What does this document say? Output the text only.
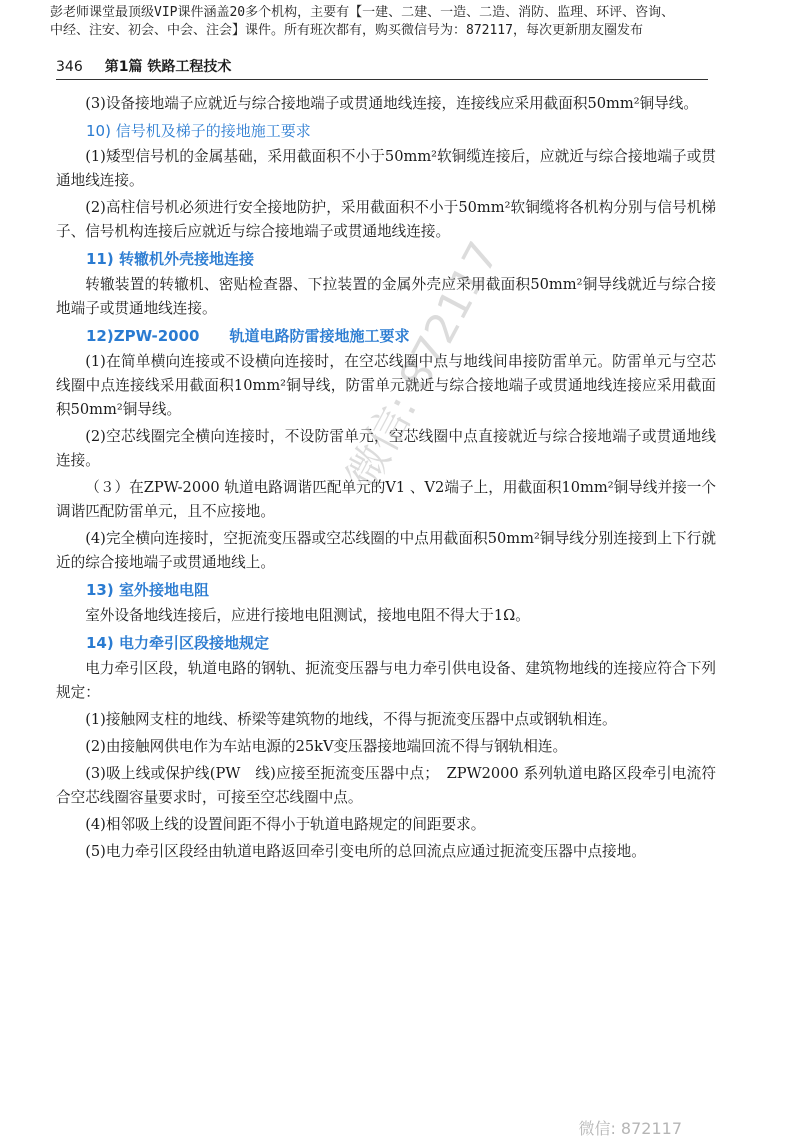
彭老师课堂最顶级VIP课件涵盖20多个机构，主要有【一建、二建、一造、二造、消防、监理、环评、咨询、
中经、注安、初会、中会、注会】课件。所有班次都有，购买微信号为：872117，每次更新朋友圈发布
346 第1篇 铁路工程技术

(3)设备接地端子应就近与综合接地端子或贯通地线连接，连接线应采用截面积50mm²铜导线。

10) 信号机及梯子的接地施工要求

(1)矮型信号机的金属基础，采用截面积不小于50mm²软铜缆连接后，应就近与综合接地端子或贯通地线连接。

(2)高柱信号机必须进行安全接地防护，采用截面积不小于50mm²软铜缆将各机构分别与信号机梯子、信号机构连接后应就近与综合接地端子或贯通地线连接。

11) 转辙机外壳接地连接

转辙装置的转辙机、密贴检查器、下拉装置的金属外壳应采用截面积50mm²铜导线就近与综合接地端子或贯通地线连接。

12)ZPW-2000　　轨道电路防雷接地施工要求

(1)在简单横向连接或不设横向连接时，在空芯线圈中点与地线间串接防雷单元。防雷单元与空芯线圈中点连接线采用截面积10mm²铜导线，防雷单元就近与综合接地端子或贯通地线连接应采用截面积50mm²铜导线。

(2)空芯线圈完全横向连接时，不设防雷单元，空芯线圈中点直接就近与综合接地端子或贯通地线连接。

（３）在ZPW-2000 轨道电路调谐匹配单元的V1 、V2端子上，用截面积10mm²铜导线并接一个调谐匹配防雷单元，且不应接地。

(4)完全横向连接时，空扼流变压器或空芯线圈的中点用截面积50mm²铜导线分别连接到上下行就近的综合接地端子或贯通地线上。

13) 室外接地电阻

室外设备地线连接后，应进行接地电阻测试，接地电阻不得大于1Ω。

14) 电力牵引区段接地规定

电力牵引区段，轨道电路的钢轨、扼流变压器与电力牵引供电设备、建筑物地线的连接应符合下列规定：

(1)接触网支柱的地线、桥梁等建筑物的地线，不得与扼流变压器中点或钢轨相连。

(2)由接触网供电作为车站电源的25kV变压器接地端回流不得与钢轨相连。

(3)吸上线或保护线(PW　线)应接至扼流变压器中点；　ZPW2000 系列轨道电路区段牵引电流符合空芯线圈容量要求时，可接至空芯线圈中点。

(4)相邻吸上线的设置间距不得小于轨道电路规定的间距要求。

(5)电力牵引区段经由轨道电路返回牵引变电所的总回流点应通过扼流变压器中点接地。

微信: 872117
微信: 872117
